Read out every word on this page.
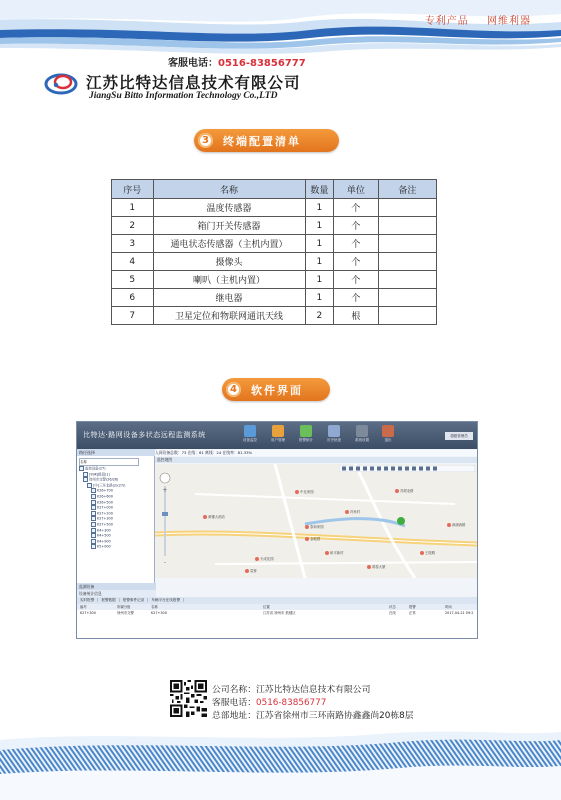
专利产品 网维利器
客服电话：0516-83856777
江苏比特达信息技术有限公司
JiangSu Bitto Information Technology Co.,LTD
3	终端配置清单
序号	名称	数量	单位	备注
1	温度传感器	1	个	
2	箱门开关传感器	1	个	
3	通电状态传感器（主机内置）	1	个	
4	摄像头	1	个	
5	喇叭（主机内置）	1	个	
6	继电器	1	个	
7	卫星定位和物联网通讯天线	2	根	
4	软件界面
比特达·路网设备多状态远程监测系统
设备监控	用户管理	报警统计	历史轨迹	系统设置	退出
超级管理员
路径选择
名称
监控设备(27)
[99K]路段(1)
徐州市交警(26/26)
[中]三环北路(2)(27/)
K26+700
K26+600
K26+500
K27+000
K27+200
K27+300
K27+500
K4+300
K4+500
K4+900
K5+000
监测设备
设备统计信息
入网设备总数：73 在线：61 离线：24 在线率：81.33%
监控地图
黄楼大酒店
中北家园
冯家村
泰和家园
金地园
天成花园
和平新村
袁桥
鸿泰大厦
王陵路
津浦西路
苏堤北路
-
+
实时报警 报警数据 报警事件记录 车辆平台在线报警
编号	所属分组	名称	位置	状态	报警	时间
K27+300	徐州市交警	K27+300	江苏省 徐州市 鼓楼区	在线	正常	2017-04-21 09:2
公司名称：江苏比特达信息技术有限公司
客服电话：0516-83856777
总部地址：江苏省徐州市三环南路协鑫鑫尚20栋8层
